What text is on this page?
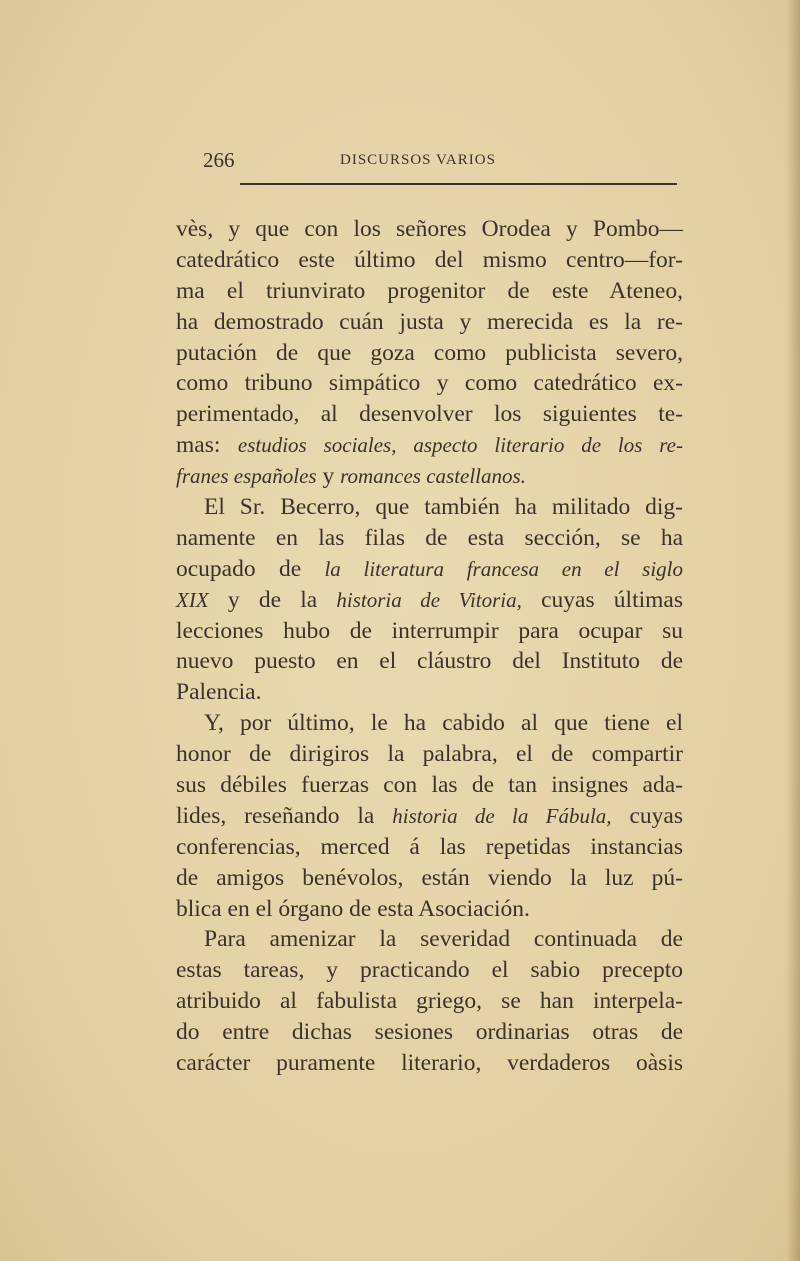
266	DISCURSOS VARIOS
vès, y que con los señores Orodea y Pombo—
catedrático este último del mismo centro—for-
ma el triunvirato progenitor de este Ateneo,
ha demostrado cuán justa y merecida es la re-
putación de que goza como publicista severo,
como tribuno simpático y como catedrático ex-
perimentado, al desenvolver los siguientes te-
mas: estudios sociales, aspecto literario de los re-
franes españoles y romances castellanos.
El Sr. Becerro, que también ha militado dig-
namente en las filas de esta sección, se ha
ocupado de la literatura francesa en el siglo
XIX y de la historia de Vitoria, cuyas últimas
lecciones hubo de interrumpir para ocupar su
nuevo puesto en el cláustro del Instituto de
Palencia.
Y, por último, le ha cabido al que tiene el
honor de dirigiros la palabra, el de compartir
sus débiles fuerzas con las de tan insignes ada-
lides, reseñando la historia de la Fábula, cuyas
conferencias, merced á las repetidas instancias
de amigos benévolos, están viendo la luz pú-
blica en el órgano de esta Asociación.
Para amenizar la severidad continuada de
estas tareas, y practicando el sabio precepto
atribuido al fabulista griego, se han interpela-
do entre dichas sesiones ordinarias otras de
carácter puramente literario, verdaderos oàsis
